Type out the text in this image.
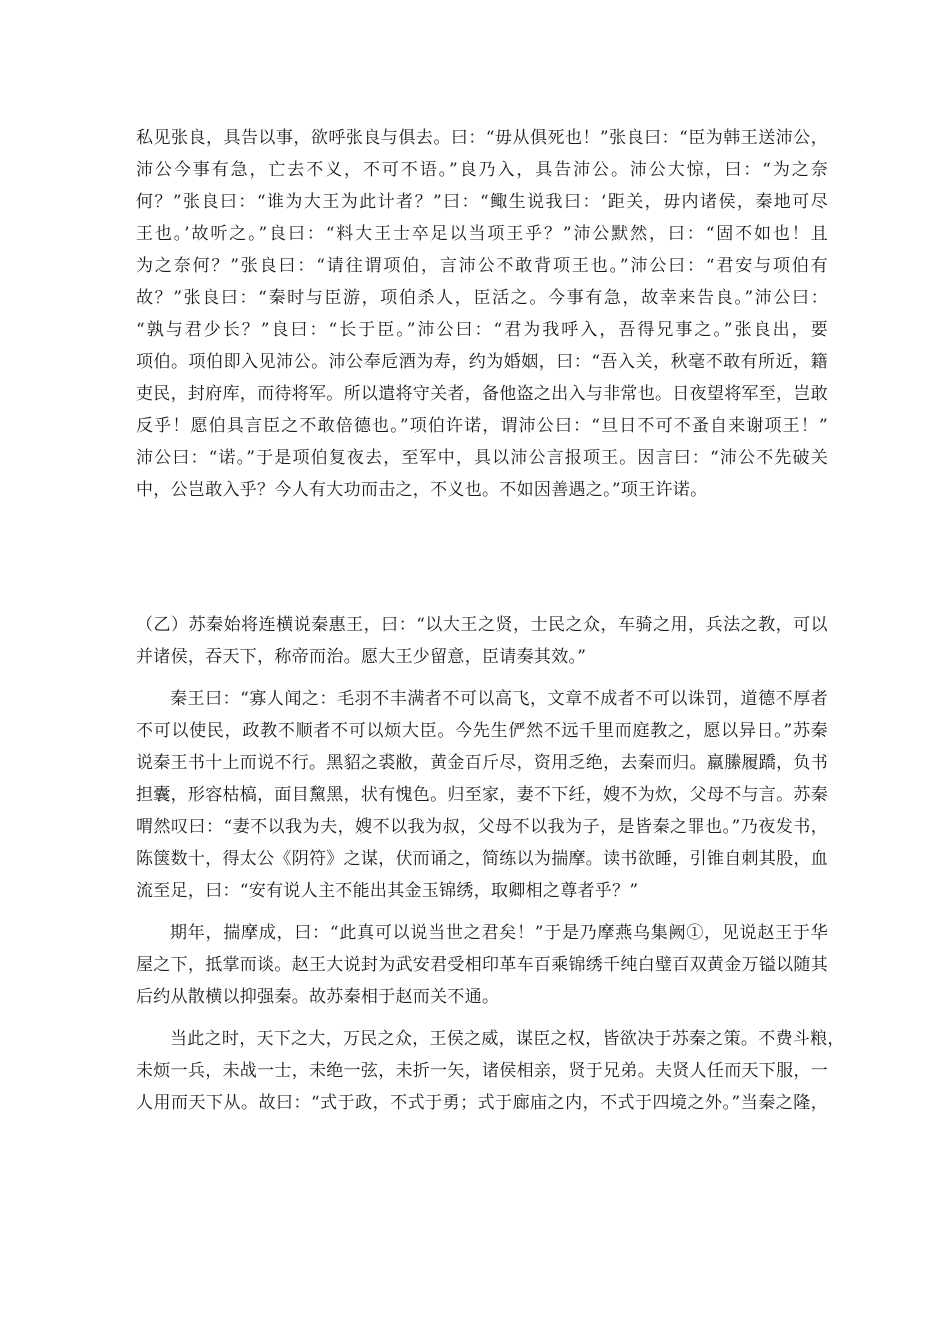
私见张良，具告以事，欲呼张良与俱去。曰：“毋从俱死也！”张良曰：“臣为韩王送沛公，
沛公今事有急，亡去不义，不可不语。”良乃入，具告沛公。沛公大惊，曰：“为之奈
何？”张良曰：“谁为大王为此计者？”曰：“鲰生说我曰：‘距关，毋内诸侯，秦地可尽
王也。’故听之。”良曰：“料大王士卒足以当项王乎？”沛公默然，曰：“固不如也！且
为之奈何？”张良曰：“请往谓项伯，言沛公不敢背项王也。”沛公曰：“君安与项伯有
故？”张良曰：“秦时与臣游，项伯杀人，臣活之。今事有急，故幸来告良。”沛公曰：
“孰与君少长？”良曰：“长于臣。”沛公曰：“君为我呼入，吾得兄事之。”张良出，要
项伯。项伯即入见沛公。沛公奉卮酒为寿，约为婚姻，曰：“吾入关，秋毫不敢有所近，籍
吏民，封府库，而待将军。所以遣将守关者，备他盗之出入与非常也。日夜望将军至，岂敢
反乎！愿伯具言臣之不敢倍德也。”项伯许诺，谓沛公曰：“旦日不可不蚤自来谢项王！”
沛公曰：“诺。”于是项伯复夜去，至军中，具以沛公言报项王。因言曰：“沛公不先破关
中，公岂敢入乎？今人有大功而击之，不义也。不如因善遇之。”项王许诺。
（乙）苏秦始将连横说秦惠王，曰：“以大王之贤，士民之众，车骑之用，兵法之教，可以
并诸侯，吞天下，称帝而治。愿大王少留意，臣请奏其效。”
秦王曰：“寡人闻之：毛羽不丰满者不可以高飞，文章不成者不可以诛罚，道德不厚者
不可以使民，政教不顺者不可以烦大臣。今先生俨然不远千里而庭教之，愿以异日。”苏秦
说秦王书十上而说不行。黑貂之裘敝，黄金百斤尽，资用乏绝，去秦而归。羸縢履蹻，负书
担囊，形容枯槁，面目黧黑，状有愧色。归至家，妻不下纴，嫂不为炊，父母不与言。苏秦
喟然叹曰：“妻不以我为夫，嫂不以我为叔，父母不以我为子，是皆秦之罪也。”乃夜发书，
陈箧数十，得太公《阴符》之谋，伏而诵之，简练以为揣摩。读书欲睡，引锥自刺其股，血
流至足，曰：“安有说人主不能出其金玉锦绣，取卿相之尊者乎？”
期年，揣摩成，曰：“此真可以说当世之君矣！”于是乃摩燕乌集阙①，见说赵王于华
屋之下，抵掌而谈。赵王大说封为武安君受相印革车百乘锦绣千纯白璧百双黄金万镒以随其
后约从散横以抑强秦。故苏秦相于赵而关不通。
当此之时，天下之大，万民之众，王侯之威，谋臣之权，皆欲决于苏秦之策。不费斗粮，
未烦一兵，未战一士，未绝一弦，未折一矢，诸侯相亲，贤于兄弟。夫贤人任而天下服，一
人用而天下从。故曰：“式于政，不式于勇；式于廊庙之内，不式于四境之外。”当秦之隆，
